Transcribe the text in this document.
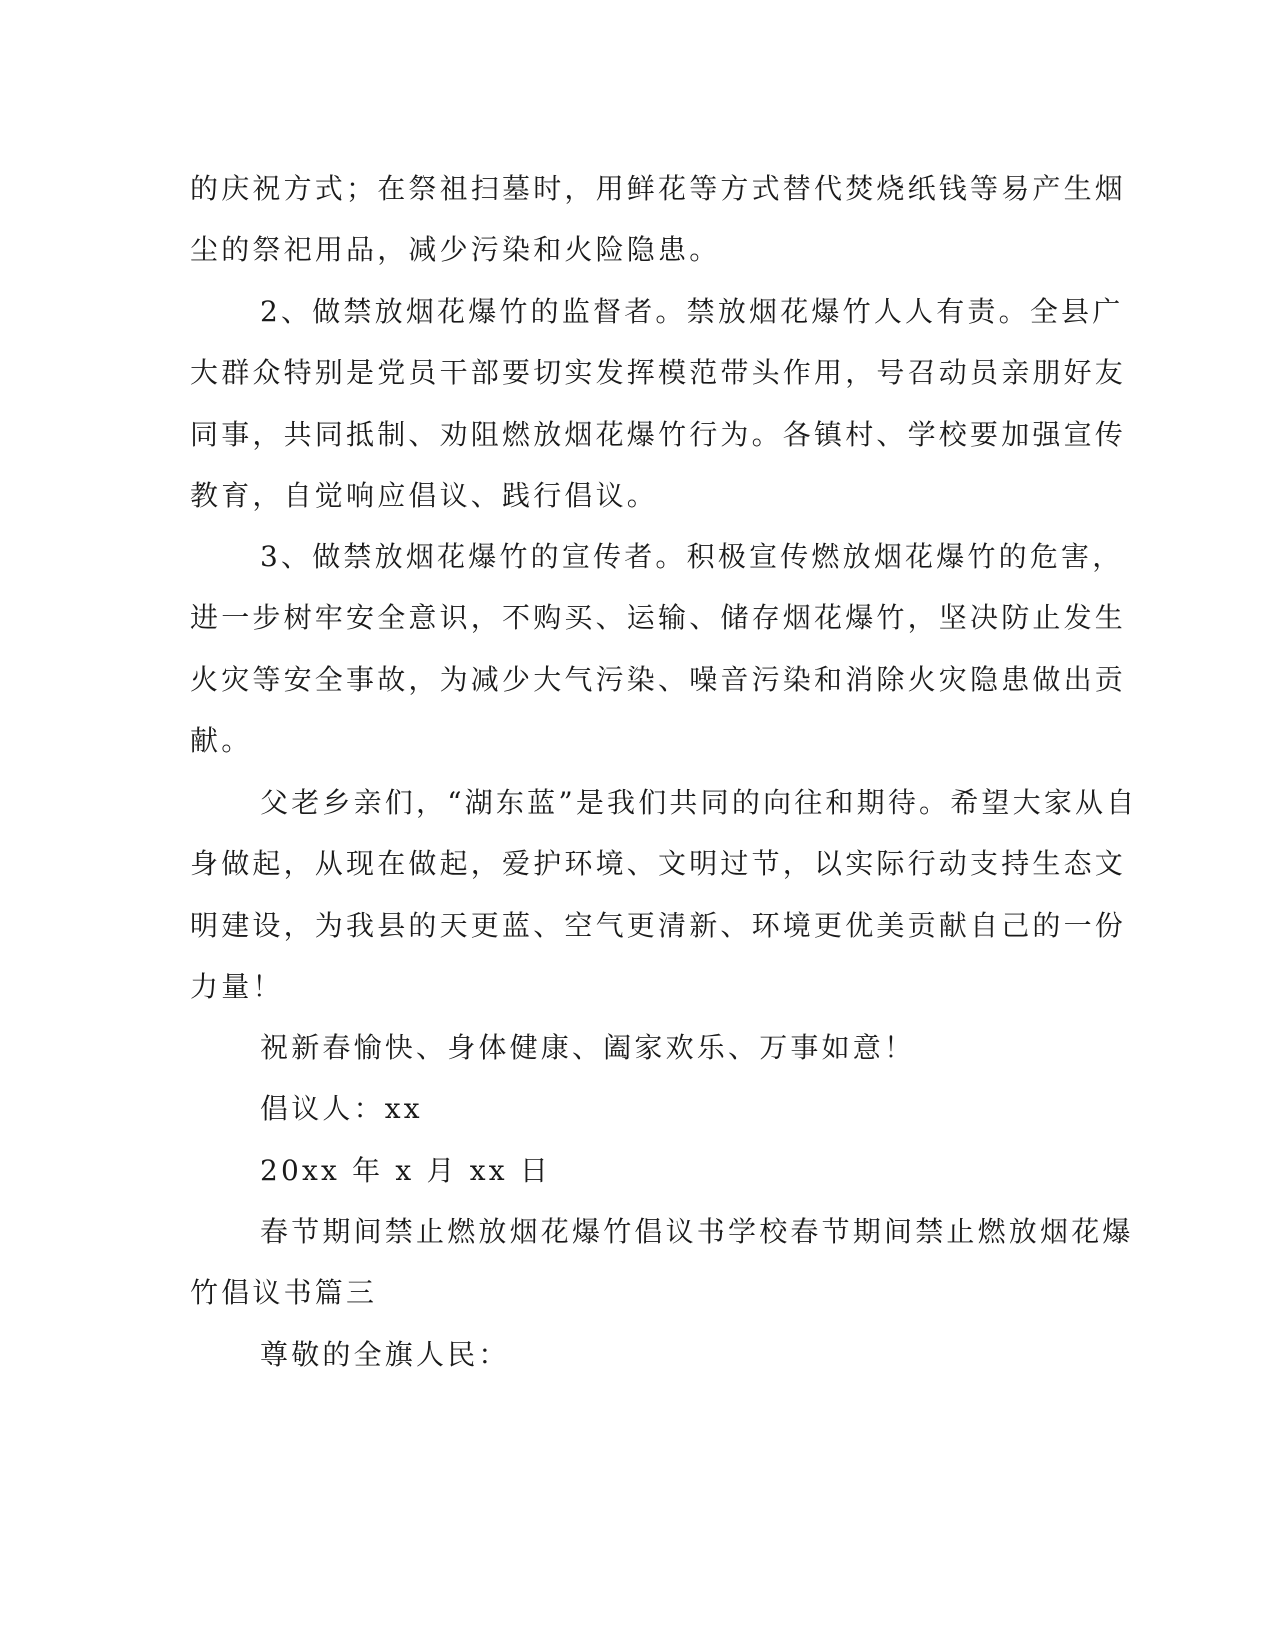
的庆祝方式；在祭祖扫墓时，用鲜花等方式替代焚烧纸钱等易产生烟
尘的祭祀用品，减少污染和火险隐患。
2、做禁放烟花爆竹的监督者。禁放烟花爆竹人人有责。全县广
大群众特别是党员干部要切实发挥模范带头作用，号召动员亲朋好友
同事，共同抵制、劝阻燃放烟花爆竹行为。各镇村、学校要加强宣传
教育，自觉响应倡议、践行倡议。
3、做禁放烟花爆竹的宣传者。积极宣传燃放烟花爆竹的危害，
进一步树牢安全意识，不购买、运输、储存烟花爆竹，坚决防止发生
火灾等安全事故，为减少大气污染、噪音污染和消除火灾隐患做出贡
献。
父老乡亲们，“湖东蓝”是我们共同的向往和期待。希望大家从自
身做起，从现在做起，爱护环境、文明过节，以实际行动支持生态文
明建设，为我县的天更蓝、空气更清新、环境更优美贡献自己的一份
力量！
祝新春愉快、身体健康、阖家欢乐、万事如意！
倡议人：xx
20xx 年 x 月 xx 日
春节期间禁止燃放烟花爆竹倡议书学校春节期间禁止燃放烟花爆
竹倡议书篇三
尊敬的全旗人民：
